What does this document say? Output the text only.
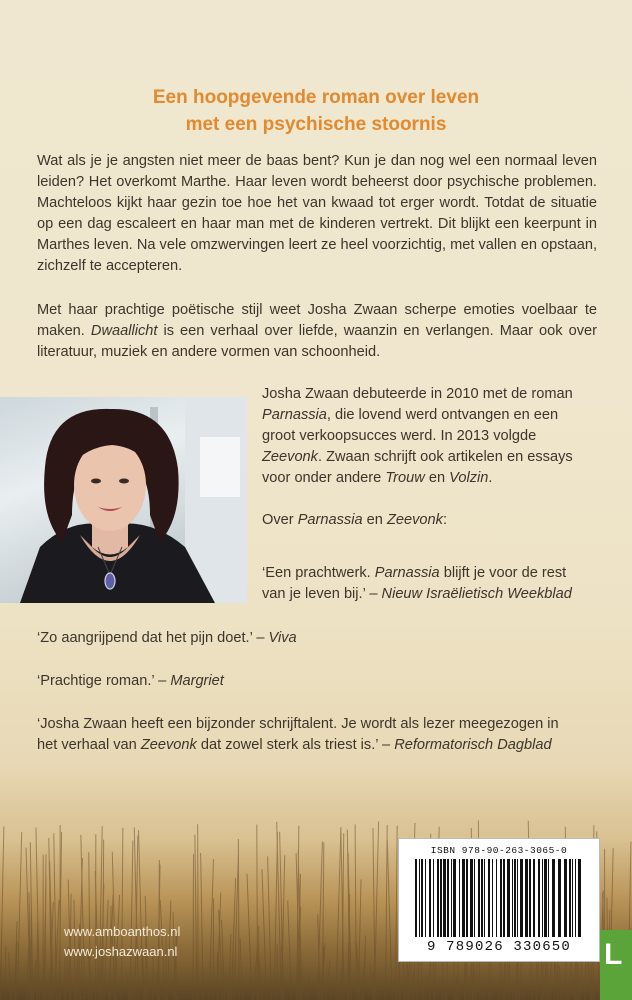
Een hoopgevende roman over leven
met een psychische stoornis
Wat als je je angsten niet meer de baas bent? Kun je dan nog wel een normaal leven leiden? Het overkomt Marthe. Haar leven wordt beheerst door psychische problemen. Machteloos kijkt haar gezin toe hoe het van kwaad tot erger wordt. Totdat de situatie op een dag escaleert en haar man met de kinderen vertrekt. Dit blijkt een keerpunt in Marthes leven. Na vele omzwervingen leert ze heel voorzichtig, met vallen en opstaan, zichzelf te accepteren.
Met haar prachtige poëtische stijl weet Josha Zwaan scherpe emoties voelbaar te maken. Dwaallicht is een verhaal over liefde, waanzin en verlangen. Maar ook over literatuur, muziek en andere vormen van schoonheid.
Josha Zwaan debuteerde in 2010 met de roman
Parnassia, die lovend werd ontvangen en een
groot verkoopsucces werd. In 2013 volgde
Zeevonk. Zwaan schrijft ook artikelen en essays
voor onder andere Trouw en Volzin.
Over Parnassia en Zeevonk:
‘Een prachtwerk. Parnassia blijft je voor de rest
van je leven bij.’ – Nieuw Israëlietisch Weekblad
‘Zo aangrijpend dat het pijn doet.’ – Viva
‘Prachtige roman.’ – Margriet
‘Josha Zwaan heeft een bijzonder schrijftalent. Je wordt als lezer meegezogen in
het verhaal van Zeevonk dat zowel sterk als triest is.’ – Reformatorisch Dagblad
ISBN 978-90-263-3065-0
9 789026 330650
www.amboanthos.nl
www.joshazwaan.nl	L
